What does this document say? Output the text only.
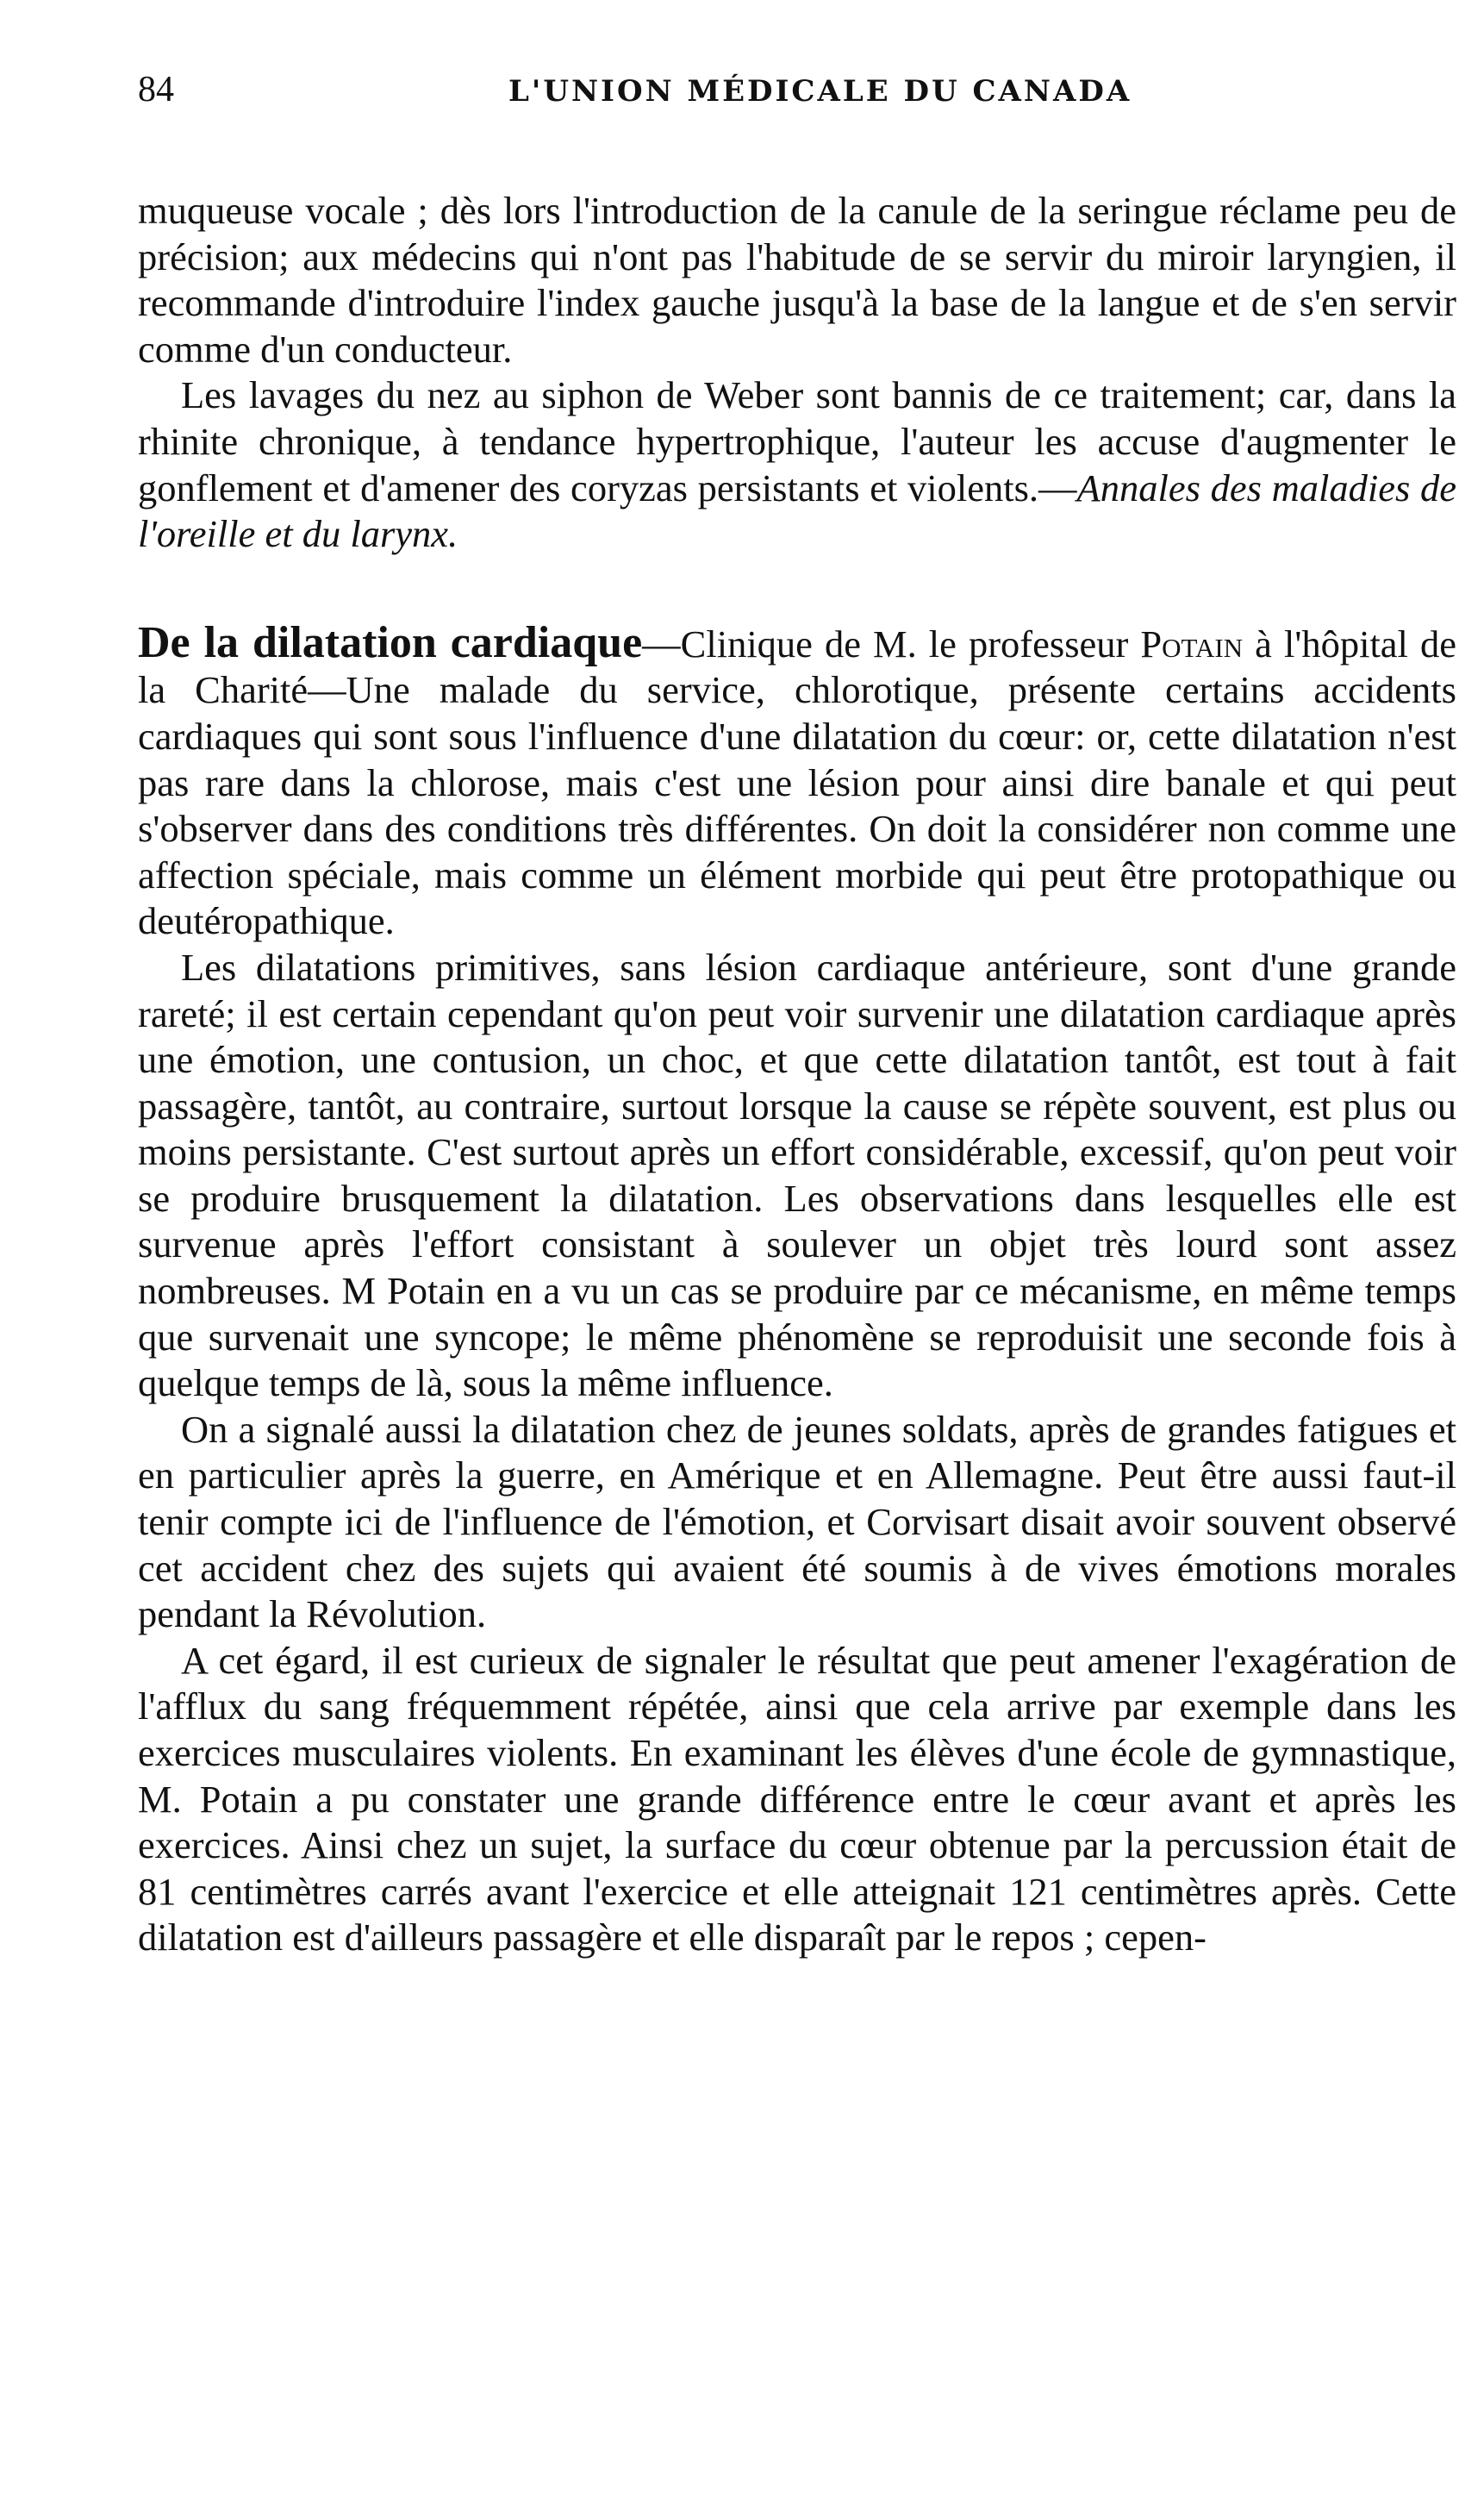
84	L'UNION MÉDICALE DU CANADA

muqueuse vocale ; dès lors l'introduction de la canule de la seringue réclame peu de précision; aux médecins qui n'ont pas l'habitude de se servir du miroir laryngien, il recommande d'introduire l'index gauche jusqu'à la base de la langue et de s'en servir comme d'un conducteur.

Les lavages du nez au siphon de Weber sont bannis de ce traitement; car, dans la rhinite chronique, à tendance hypertrophique, l'auteur les accuse d'augmenter le gonflement et d'amener des coryzas persistants et violents.—Annales des maladies de l'oreille et du larynx.

De la dilatation cardiaque—Clinique de M. le professeur Potain à l'hôpital de la Charité—Une malade du service, chlorotique, présente certains accidents cardiaques qui sont sous l'influence d'une dilatation du cœur: or, cette dilatation n'est pas rare dans la chlorose, mais c'est une lésion pour ainsi dire banale et qui peut s'observer dans des conditions très différentes. On doit la considérer non comme une affection spéciale, mais comme un élément morbide qui peut être protopathique ou deutéropathique.

Les dilatations primitives, sans lésion cardiaque antérieure, sont d'une grande rareté; il est certain cependant qu'on peut voir survenir une dilatation cardiaque après une émotion, une contusion, un choc, et que cette dilatation tantôt, est tout à fait passagère, tantôt, au contraire, surtout lorsque la cause se répète souvent, est plus ou moins persistante. C'est surtout après un effort considérable, excessif, qu'on peut voir se produire brusquement la dilatation. Les observations dans lesquelles elle est survenue après l'effort consistant à soulever un objet très lourd sont assez nombreuses. M Potain en a vu un cas se produire par ce mécanisme, en même temps que survenait une syncope; le même phénomène se reproduisit une seconde fois à quelque temps de là, sous la même influence.

On a signalé aussi la dilatation chez de jeunes soldats, après de grandes fatigues et en particulier après la guerre, en Amérique et en Allemagne. Peut être aussi faut-il tenir compte ici de l'influence de l'émotion, et Corvisart disait avoir souvent observé cet accident chez des sujets qui avaient été soumis à de vives émotions morales pendant la Révolution.

A cet égard, il est curieux de signaler le résultat que peut amener l'exagération de l'afflux du sang fréquemment répétée, ainsi que cela arrive par exemple dans les exercices musculaires violents. En examinant les élèves d'une école de gymnastique, M. Potain a pu constater une grande différence entre le cœur avant et après les exercices. Ainsi chez un sujet, la surface du cœur obtenue par la percussion était de 81 centimètres carrés avant l'exercice et elle atteignait 121 centimètres après. Cette dilatation est d'ailleurs passagère et elle disparaît par le repos ; cepen-
